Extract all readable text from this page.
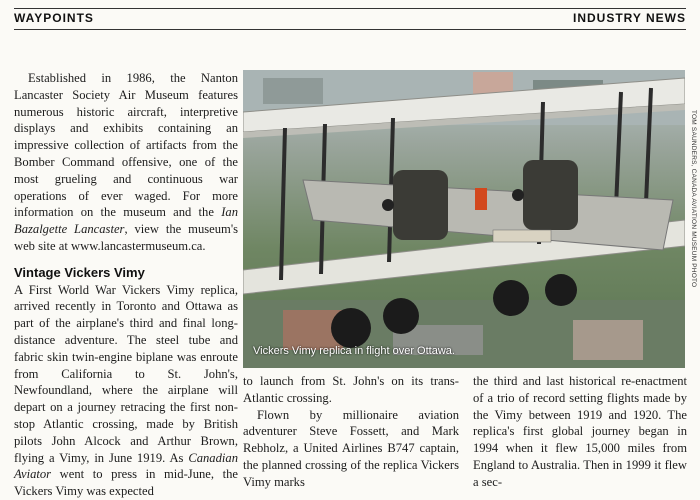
WAYPOINTS	INDUSTRY NEWS

Established in 1986, the Nanton Lancaster Society Air Museum features numerous historic aircraft, interpretive displays and exhibits containing an impressive collection of artifacts from the Bomber Command offensive, one of the most grueling and continuous war operations of ever waged. For more information on the museum and the Ian Bazalgette Lancaster, view the museum's web site at www.lancastermuseum.ca.

Vintage Vickers Vimy

A First World War Vickers Vimy replica, arrived recently in Toronto and Ottawa as part of the airplane's third and final long-distance adventure. The steel tube and fabric skin twin-engine biplane was enroute from California to St. John's, Newfoundland, where the airplane will depart on a journey retracing the first non-stop Atlantic crossing, made by British pilots John Alcock and Arthur Brown, flying a Vimy, in June 1919. As Canadian Aviator went to press in mid-June, the Vickers Vimy was expected

Vickers Vimy replica in flight over Ottawa.
TOM SAUNDERS, CANADA AVIATION MUSEUM PHOTO

to launch from St. John's on its trans-Atlantic crossing.

Flown by millionaire aviation adventurer Steve Fossett, and Mark Rebholz, a United Airlines B747 captain, the planned crossing of the replica Vickers Vimy marks

the third and last historical re-enactment of a trio of record setting flights made by the Vimy between 1919 and 1920. The replica's first global journey began in 1994 when it flew 15,000 miles from England to Australia. Then in 1999 it flew a sec-
